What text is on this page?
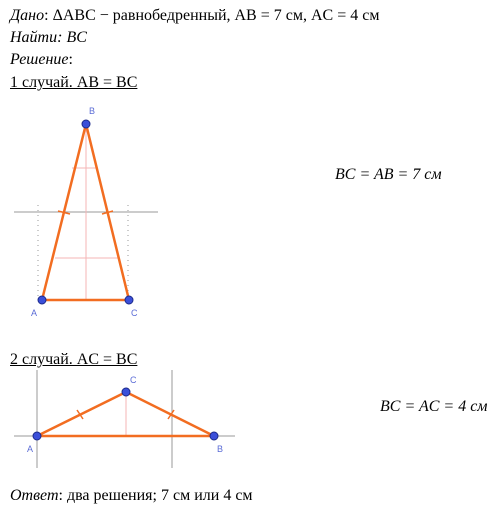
Дано: ΔABC − равнобедренный, AB = 7 см, AC = 4 см
Найти: BC
Решение:
1 случай. AB = BC
BC = AB = 7 см
2 случай. AC = BC
BC = AC = 4 см
Ответ: два решения; 7 см или 4 см
B
A	C
C
A	B
